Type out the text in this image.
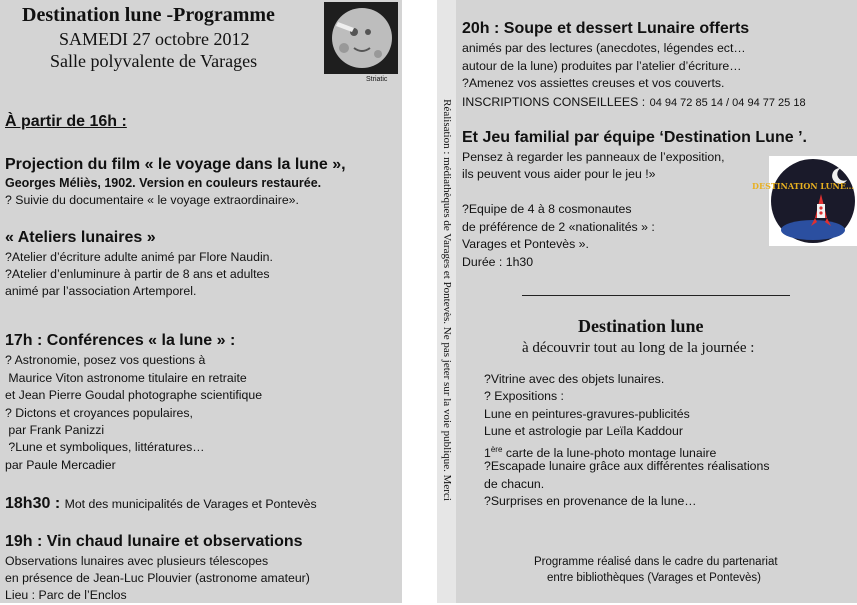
Destination lune -Programme
SAMEDI 27 octobre 2012
Salle polyvalente de Varages
Striatic
À partir de 16h :
Projection du film « le voyage dans la lune »,
Georges Méliès, 1902. Version en couleurs restaurée.
? Suivie du documentaire « le voyage extraordinaire».
« Ateliers lunaires »
?Atelier d’écriture adulte animé par Flore Naudin.
?Atelier d’enluminure à partir de 8 ans et adultes
animé par l’association Artemporel.
17h : Conférences « la lune » :
? Astronomie, posez vos questions à
Maurice Viton astronome titulaire en retraite
et Jean Pierre Goudal photographe scientifique
? Dictons et croyances populaires,
par Frank Panizzi
?Lune et symboliques, littératures…
par Paule Mercadier
18h30 : Mot des municipalités de Varages et Pontevès
19h : Vin chaud lunaire et observations
Observations lunaires avec plusieurs télescopes
en présence de Jean-Luc Plouvier (astronome amateur)
Lieu : Parc de l’Enclos
Réalisation : médiathèques de Varages et Pontevès. Ne pas jeter sur la voie publique. Merci
20h : Soupe et dessert Lunaire offerts
animés par des lectures (anecdotes, légendes ect…
autour de la lune) produites par l’atelier d’écriture…
?Amenez vos assiettes creuses et vos couverts.
INSCRIPTIONS CONSEILLEES : 04 94 72 85 14 / 04 94 77 25 18
Et Jeu familial par équipe ‘Destination Lune ’.
Pensez à regarder les panneaux de l’exposition,
ils peuvent vous aider pour le jeu !»
?Equipe de 4 à 8 cosmonautes
de préférence de 2 «nationalités » :
Varages et Pontevès ».
Durée : 1h30
DESTINATION LUNE…
Destination lune
à découvrir tout au long de la journée :
?Vitrine avec des objets lunaires.
? Expositions :
Lune en peintures-gravures-publicités
Lune et astrologie par Leïla Kaddour
1ère carte de la lune-photo montage lunaire
?Escapade lunaire grâce aux différentes réalisations
de chacun.
?Surprises en provenance de la lune…
Programme réalisé dans le cadre du partenariat
entre bibliothèques (Varages et Pontevès)
